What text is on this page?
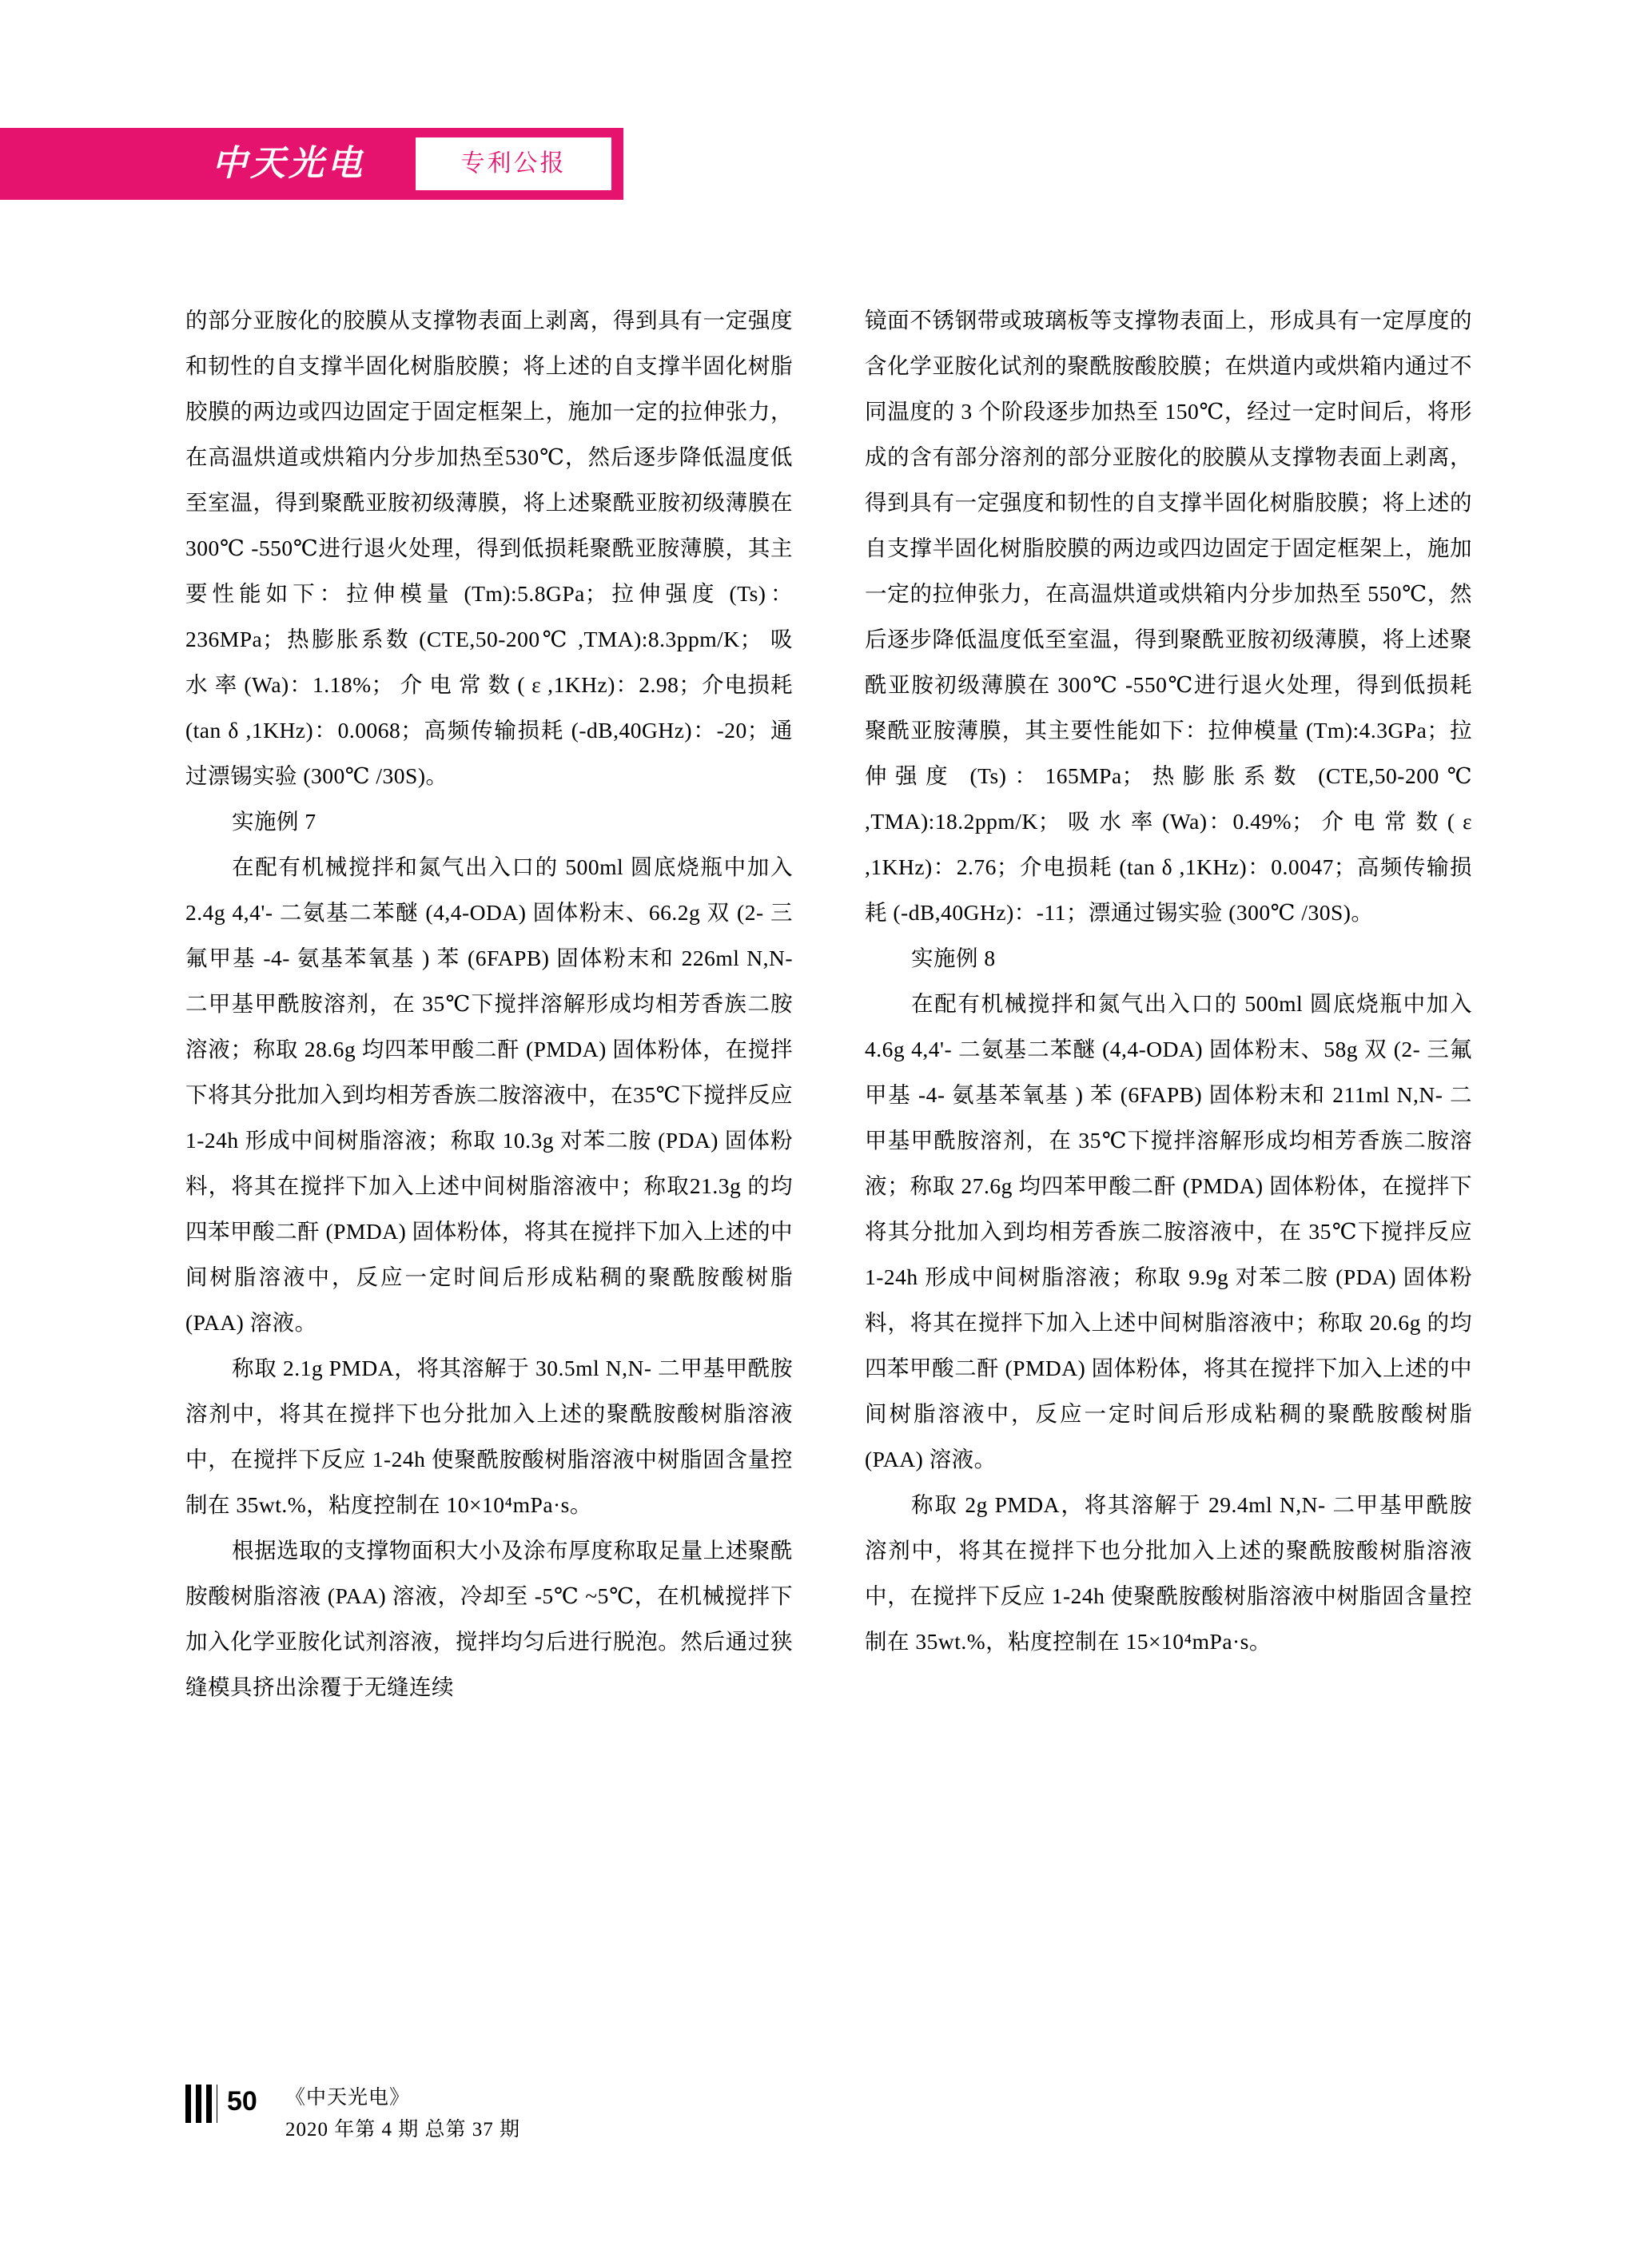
中天光电	专利公报

的部分亚胺化的胶膜从支撑物表面上剥离，得到具有一定强度和韧性的自支撑半固化树脂胶膜；将上述的自支撑半固化树脂胶膜的两边或四边固定于固定框架上，施加一定的拉伸张力，在高温烘道或烘箱内分步加热至530℃，然后逐步降低温度低至室温，得到聚酰亚胺初级薄膜，将上述聚酰亚胺初级薄膜在300℃ -550℃进行退火处理，得到低损耗聚酰亚胺薄膜，其主要性能如下：拉伸模量 (Tm):5.8GPa；拉伸强度 (Ts)：236MPa；热膨胀系数 (CTE,50-200℃ ,TMA):8.3ppm/K； 吸 水 率 (Wa)：1.18%； 介 电 常 数 ( ε ,1KHz)：2.98；介电损耗 (tan δ ,1KHz)：0.0068；高频传输损耗 (-dB,40GHz)：-20；通过漂锡实验 (300℃ /30S)。

实施例 7

在配有机械搅拌和氮气出入口的 500ml 圆底烧瓶中加入 2.4g 4,4'- 二氨基二苯醚 (4,4-ODA) 固体粉末、66.2g 双 (2- 三氟甲基 -4- 氨基苯氧基 ) 苯 (6FAPB) 固体粉末和 226ml N,N- 二甲基甲酰胺溶剂，在 35℃下搅拌溶解形成均相芳香族二胺溶液；称取 28.6g 均四苯甲酸二酐 (PMDA) 固体粉体，在搅拌下将其分批加入到均相芳香族二胺溶液中，在35℃下搅拌反应 1-24h 形成中间树脂溶液；称取 10.3g 对苯二胺 (PDA) 固体粉料，将其在搅拌下加入上述中间树脂溶液中；称取21.3g 的均四苯甲酸二酐 (PMDA) 固体粉体，将其在搅拌下加入上述的中间树脂溶液中，反应一定时间后形成粘稠的聚酰胺酸树脂 (PAA) 溶液。

称取 2.1g PMDA，将其溶解于 30.5ml N,N- 二甲基甲酰胺溶剂中，将其在搅拌下也分批加入上述的聚酰胺酸树脂溶液中，在搅拌下反应 1-24h 使聚酰胺酸树脂溶液中树脂固含量控制在 35wt.%，粘度控制在 10×10⁴mPa·s。

根据选取的支撑物面积大小及涂布厚度称取足量上述聚酰胺酸树脂溶液 (PAA) 溶液，冷却至 -5℃ ~5℃，在机械搅拌下加入化学亚胺化试剂溶液，搅拌均匀后进行脱泡。然后通过狭缝模具挤出涂覆于无缝连续

镜面不锈钢带或玻璃板等支撑物表面上，形成具有一定厚度的含化学亚胺化试剂的聚酰胺酸胶膜；在烘道内或烘箱内通过不同温度的 3 个阶段逐步加热至 150℃，经过一定时间后，将形成的含有部分溶剂的部分亚胺化的胶膜从支撑物表面上剥离，得到具有一定强度和韧性的自支撑半固化树脂胶膜；将上述的自支撑半固化树脂胶膜的两边或四边固定于固定框架上，施加一定的拉伸张力，在高温烘道或烘箱内分步加热至 550℃，然后逐步降低温度低至室温，得到聚酰亚胺初级薄膜，将上述聚酰亚胺初级薄膜在 300℃ -550℃进行退火处理，得到低损耗聚酰亚胺薄膜，其主要性能如下：拉伸模量 (Tm):4.3GPa；拉伸强度 (Ts)：165MPa；热膨胀系数 (CTE,50-200℃ ,TMA):18.2ppm/K； 吸 水 率 (Wa)：0.49%； 介 电 常 数 ( ε ,1KHz)：2.76；介电损耗 (tan δ ,1KHz)：0.0047；高频传输损耗 (-dB,40GHz)：-11；漂通过锡实验 (300℃ /30S)。

实施例 8

在配有机械搅拌和氮气出入口的 500ml 圆底烧瓶中加入 4.6g 4,4'- 二氨基二苯醚 (4,4-ODA) 固体粉末、58g 双 (2- 三氟甲基 -4- 氨基苯氧基 ) 苯 (6FAPB) 固体粉末和 211ml N,N- 二甲基甲酰胺溶剂，在 35℃下搅拌溶解形成均相芳香族二胺溶液；称取 27.6g 均四苯甲酸二酐 (PMDA) 固体粉体，在搅拌下将其分批加入到均相芳香族二胺溶液中，在 35℃下搅拌反应 1-24h 形成中间树脂溶液；称取 9.9g 对苯二胺 (PDA) 固体粉料，将其在搅拌下加入上述中间树脂溶液中；称取 20.6g 的均四苯甲酸二酐 (PMDA) 固体粉体，将其在搅拌下加入上述的中间树脂溶液中，反应一定时间后形成粘稠的聚酰胺酸树脂 (PAA) 溶液。

称取 2g PMDA，将其溶解于 29.4ml N,N- 二甲基甲酰胺溶剂中，将其在搅拌下也分批加入上述的聚酰胺酸树脂溶液中，在搅拌下反应 1-24h 使聚酰胺酸树脂溶液中树脂固含量控制在 35wt.%，粘度控制在 15×10⁴mPa·s。

50 《中天光电》
2020 年第 4 期 总第 37 期
